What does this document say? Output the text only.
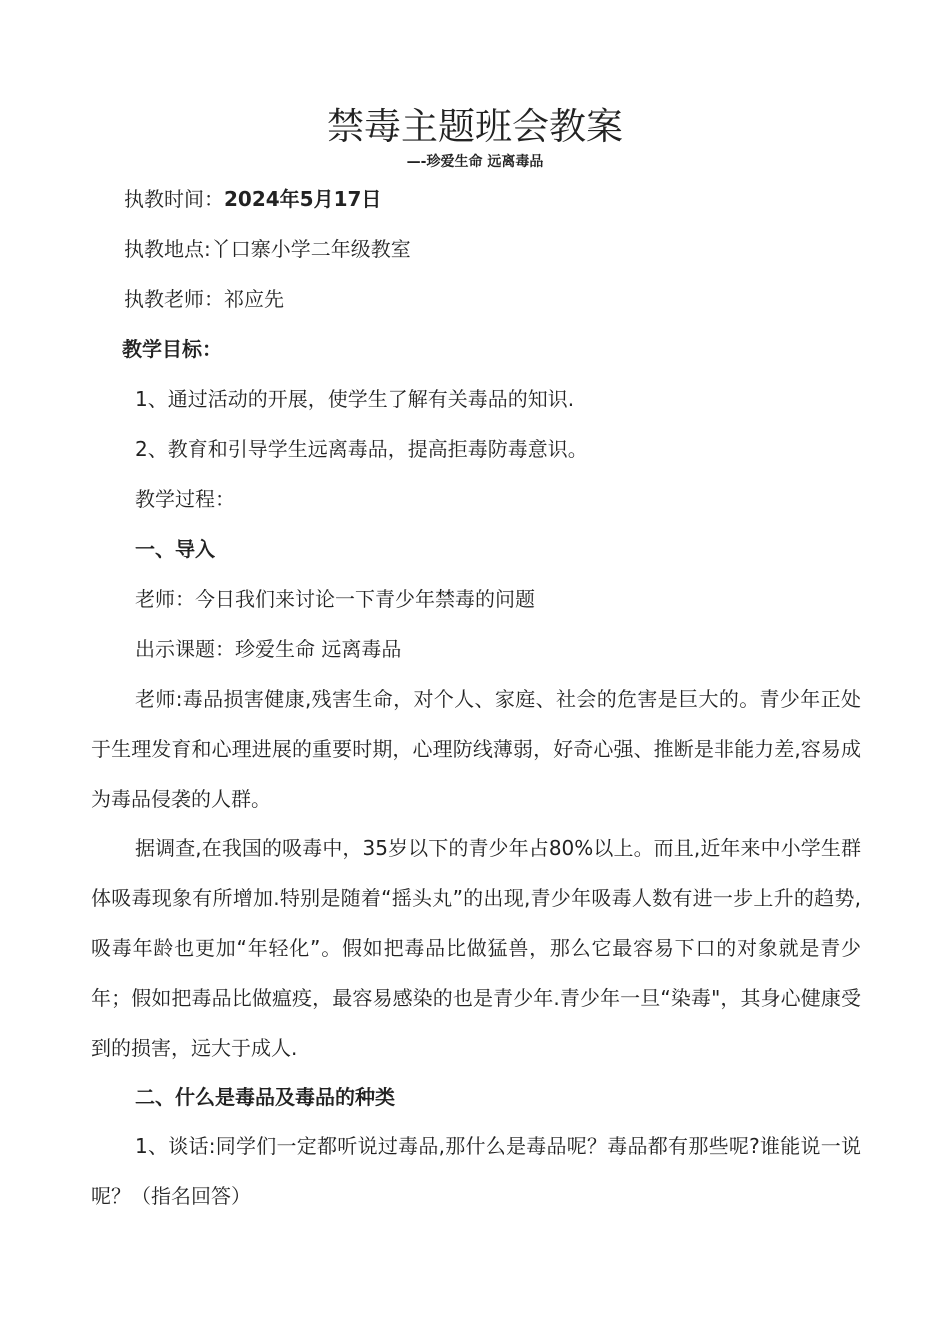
禁毒主题班会教案
—-珍爱生命 远离毒品
执教时间：2024年5月17日
执教地点:丫口寨小学二年级教室
执教老师：祁应先
教学目标：
1、通过活动的开展，使学生了解有关毒品的知识.
2、教育和引导学生远离毒品，提高拒毒防毒意识。
教学过程：
一、导入
老师：今日我们来讨论一下青少年禁毒的问题
出示课题：珍爱生命 远离毒品
老师:毒品损害健康,残害生命，对个人、家庭、社会的危害是巨大的。青少年正处于生理发育和心理进展的重要时期，心理防线薄弱，好奇心强、推断是非能力差,容易成为毒品侵袭的人群。
据调查,在我国的吸毒中，35岁以下的青少年占80%以上。而且,近年来中小学生群体吸毒现象有所增加.特别是随着“摇头丸”的出现,青少年吸毒人数有进一步上升的趋势,吸毒年龄也更加“年轻化”。假如把毒品比做猛兽，那么它最容易下口的对象就是青少年；假如把毒品比做瘟疫，最容易感染的也是青少年.青少年一旦“染毒"，其身心健康受到的损害，远大于成人.
二、什么是毒品及毒品的种类
1、谈话:同学们一定都听说过毒品,那什么是毒品呢？毒品都有那些呢?谁能说一说呢？（指名回答）
